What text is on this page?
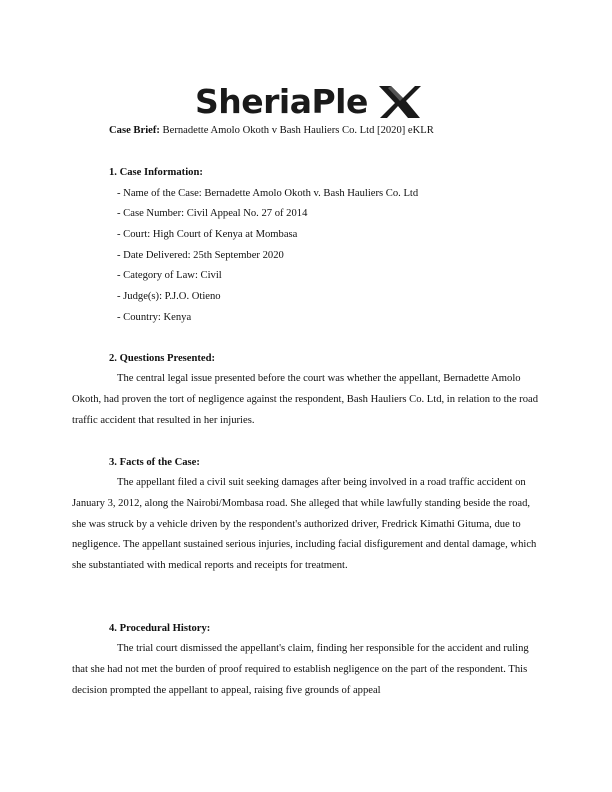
SheriaPle
Case Brief: Bernadette Amolo Okoth v Bash Hauliers Co. Ltd [2020] eKLR
1. Case Information:
- Name of the Case: Bernadette Amolo Okoth v. Bash Hauliers Co. Ltd
- Case Number: Civil Appeal No. 27 of 2014
- Court: High Court of Kenya at Mombasa
- Date Delivered: 25th September 2020
- Category of Law: Civil
- Judge(s): P.J.O. Otieno
- Country: Kenya
2. Questions Presented:

The central legal issue presented before the court was whether the appellant, Bernadette Amolo Okoth, had proven the tort of negligence against the respondent, Bash Hauliers Co. Ltd, in relation to the road traffic accident that resulted in her injuries.

3. Facts of the Case:

The appellant filed a civil suit seeking damages after being involved in a road traffic accident on January 3, 2012, along the Nairobi/Mombasa road. She alleged that while lawfully standing beside the road, she was struck by a vehicle driven by the respondent's authorized driver, Fredrick Kimathi Gituma, due to negligence. The appellant sustained serious injuries, including facial disfigurement and dental damage, which she substantiated with medical reports and receipts for treatment.

4. Procedural History:

The trial court dismissed the appellant's claim, finding her responsible for the accident and ruling that she had not met the burden of proof required to establish negligence on the part of the respondent. This decision prompted the appellant to appeal, raising five grounds of appeal
